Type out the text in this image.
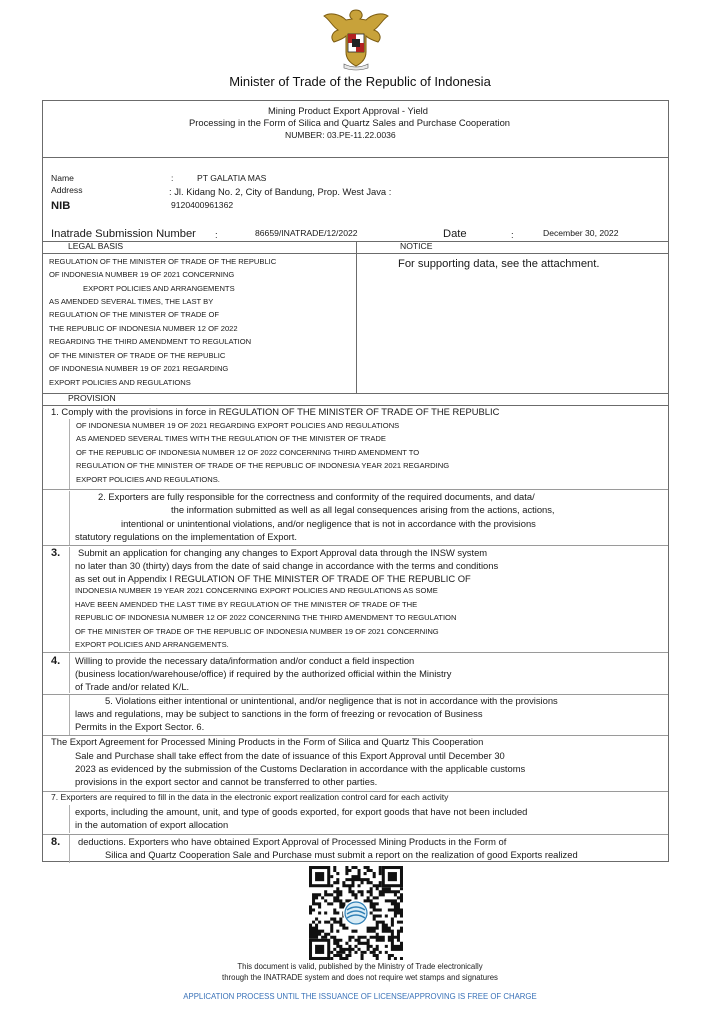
Minister of Trade of the Republic of Indonesia
Mining Product Export Approval - Yield
Processing in the Form of Silica and Quartz Sales and Purchase Cooperation
NUMBER: 03.PE-11.22.0036
Name	:	PT GALATIA MAS
Address	: Jl. Kidang No. 2, City of Bandung, Prop. West Java :
NIB	9120400961362
Inatrade Submission Number :	86659/INATRADE/12/2022	Date	:	December 30, 2022
LEGAL BASIS	NOTICE
REGULATION OF THE MINISTER OF TRADE OF THE REPUBLIC
OF INDONESIA NUMBER 19 OF 2021 CONCERNING
EXPORT POLICIES AND ARRANGEMENTS
AS AMENDED SEVERAL TIMES, THE LAST BY
REGULATION OF THE MINISTER OF TRADE OF
THE REPUBLIC OF INDONESIA NUMBER 12 OF 2022
REGARDING THE THIRD AMENDMENT TO REGULATION
OF THE MINISTER OF TRADE OF THE REPUBLIC
OF INDONESIA NUMBER 19 OF 2021 REGARDING
EXPORT POLICIES AND REGULATIONS
For supporting data, see the attachment.
PROVISION
1. Comply with the provisions in force in REGULATION OF THE MINISTER OF TRADE OF THE REPUBLIC
OF INDONESIA NUMBER 19 OF 2021 REGARDING EXPORT POLICIES AND REGULATIONS
AS AMENDED SEVERAL TIMES WITH THE REGULATION OF THE MINISTER OF TRADE
OF THE REPUBLIC OF INDONESIA NUMBER 12 OF 2022 CONCERNING THIRD AMENDMENT TO
REGULATION OF THE MINISTER OF TRADE OF THE REPUBLIC OF INDONESIA YEAR 2021 REGARDING
EXPORT POLICIES AND REGULATIONS.
2. Exporters are fully responsible for the correctness and conformity of the required documents, and data/
the information submitted as well as all legal consequences arising from the actions, actions,
intentional or unintentional violations, and/or negligence that is not in accordance with the provisions
statutory regulations on the implementation of Export.
3. Submit an application for changing any changes to Export Approval data through the INSW system
no later than 30 (thirty) days from the date of said change in accordance with the terms and conditions
as set out in Appendix I REGULATION OF THE MINISTER OF TRADE OF THE REPUBLIC OF
INDONESIA NUMBER 19 YEAR 2021 CONCERNING EXPORT POLICIES AND REGULATIONS AS SOME
HAVE BEEN AMENDED THE LAST TIME BY REGULATION OF THE MINISTER OF TRADE OF THE
REPUBLIC OF INDONESIA NUMBER 12 OF 2022 CONCERNING THE THIRD AMENDMENT TO REGULATION
OF THE MINISTER OF TRADE OF THE REPUBLIC OF INDONESIA NUMBER 19 OF 2021 CONCERNING
EXPORT POLICIES AND ARRANGEMENTS.
4. Willing to provide the necessary data/information and/or conduct a field inspection
(business location/warehouse/office) if required by the authorized official within the Ministry
of Trade and/or related K/L.
5. Violations either intentional or unintentional, and/or negligence that is not in accordance with the provisions
laws and regulations, may be subject to sanctions in the form of freezing or revocation of Business
Permits in the Export Sector. 6.
The Export Agreement for Processed Mining Products in the Form of Silica and Quartz This Cooperation
Sale and Purchase shall take effect from the date of issuance of this Export Approval until December 30
2023 as evidenced by the submission of the Customs Declaration in accordance with the applicable customs
provisions in the export sector and cannot be transferred to other parties.
7. Exporters are required to fill in the data in the electronic export realization control card for each activity
exports, including the amount, unit, and type of goods exported, for export goods that have not been included
in the automation of export allocation
8. deductions. Exporters who have obtained Export Approval of Processed Mining Products in the Form of
Silica and Quartz Cooperation Sale and Purchase must submit a report on the realization of good Exports realized
This document is valid, published by the Ministry of Trade electronically
through the INATRADE system and does not require wet stamps and signatures
APPLICATION PROCESS UNTIL THE ISSUANCE OF LICENSE/APPROVING IS FREE OF CHARGE
